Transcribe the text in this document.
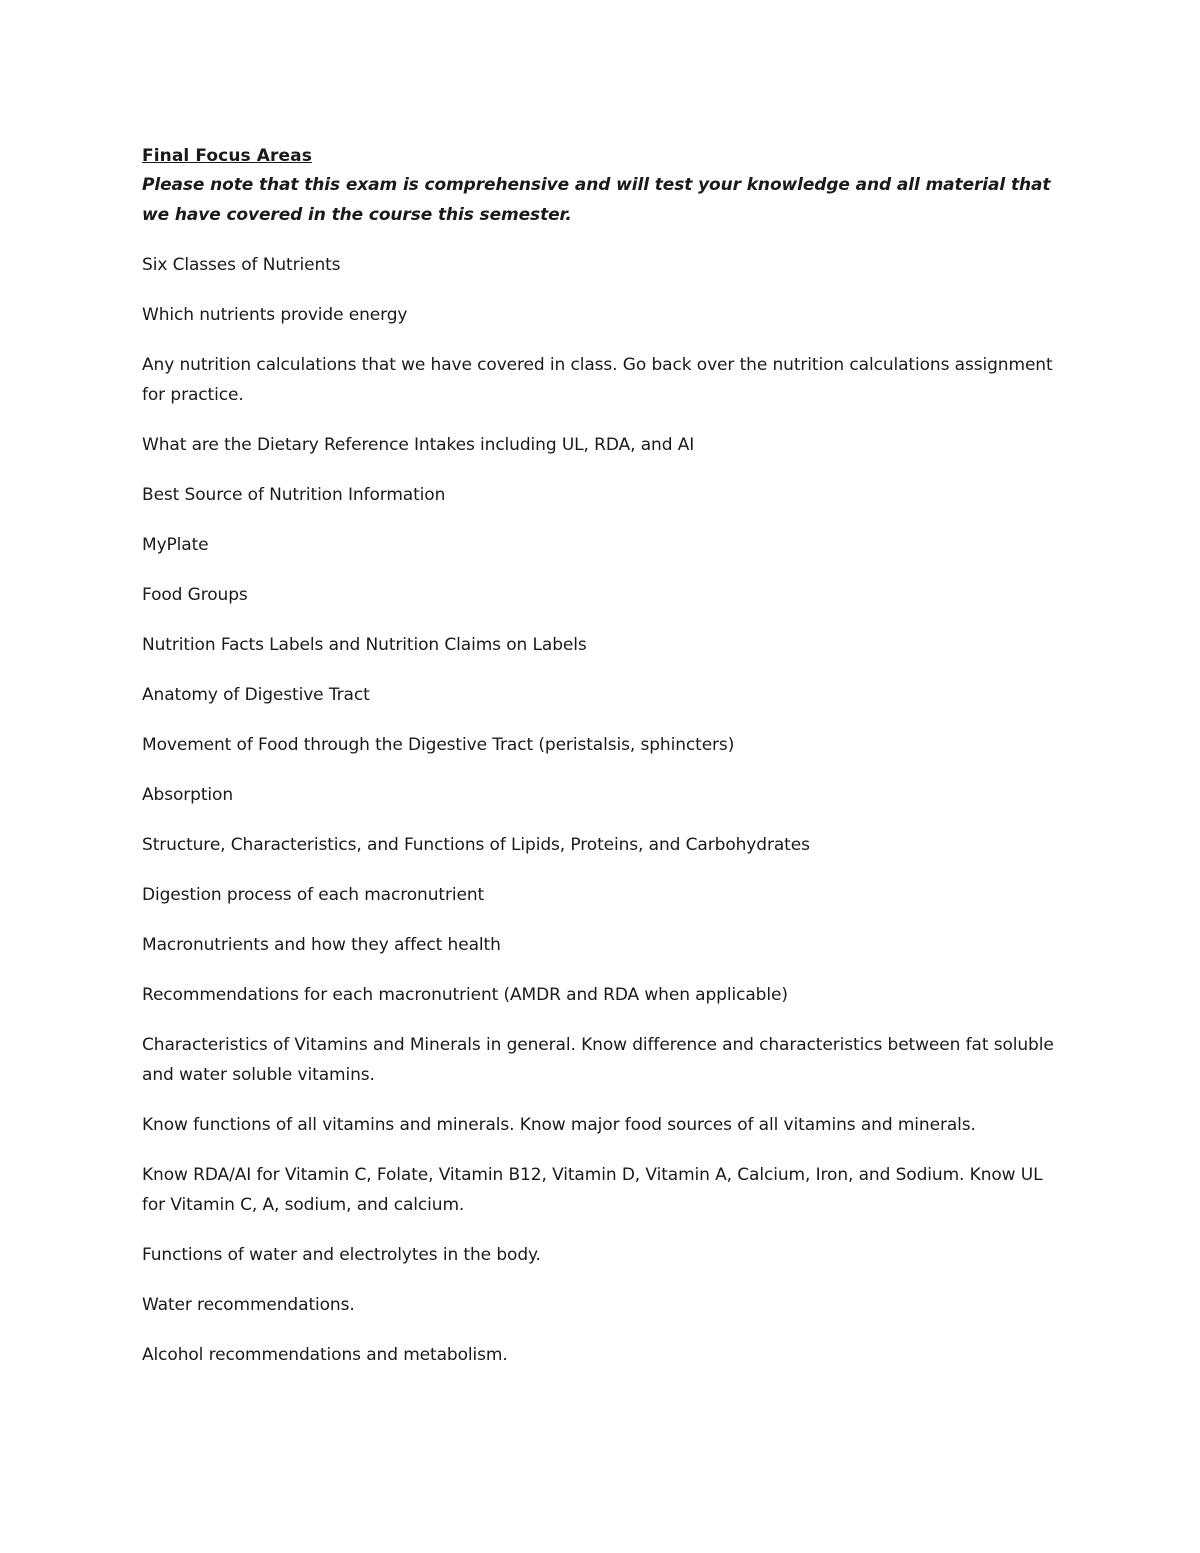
Final Focus Areas

Please note that this exam is comprehensive and will test your knowledge and all material that we have covered in the course this semester.

Six Classes of Nutrients

Which nutrients provide energy

Any nutrition calculations that we have covered in class. Go back over the nutrition calculations assignment for practice.

What are the Dietary Reference Intakes including UL, RDA, and AI

Best Source of Nutrition Information

MyPlate

Food Groups

Nutrition Facts Labels and Nutrition Claims on Labels

Anatomy of Digestive Tract

Movement of Food through the Digestive Tract (peristalsis, sphincters)

Absorption

Structure, Characteristics, and Functions of Lipids, Proteins, and Carbohydrates

Digestion process of each macronutrient

Macronutrients and how they affect health

Recommendations for each macronutrient (AMDR and RDA when applicable)

Characteristics of Vitamins and Minerals in general. Know difference and characteristics between fat soluble and water soluble vitamins.

Know functions of all vitamins and minerals. Know major food sources of all vitamins and minerals.

Know RDA/AI for Vitamin C, Folate, Vitamin B12, Vitamin D, Vitamin A, Calcium, Iron, and Sodium. Know UL for Vitamin C, A, sodium, and calcium.

Functions of water and electrolytes in the body.

Water recommendations.

Alcohol recommendations and metabolism.
